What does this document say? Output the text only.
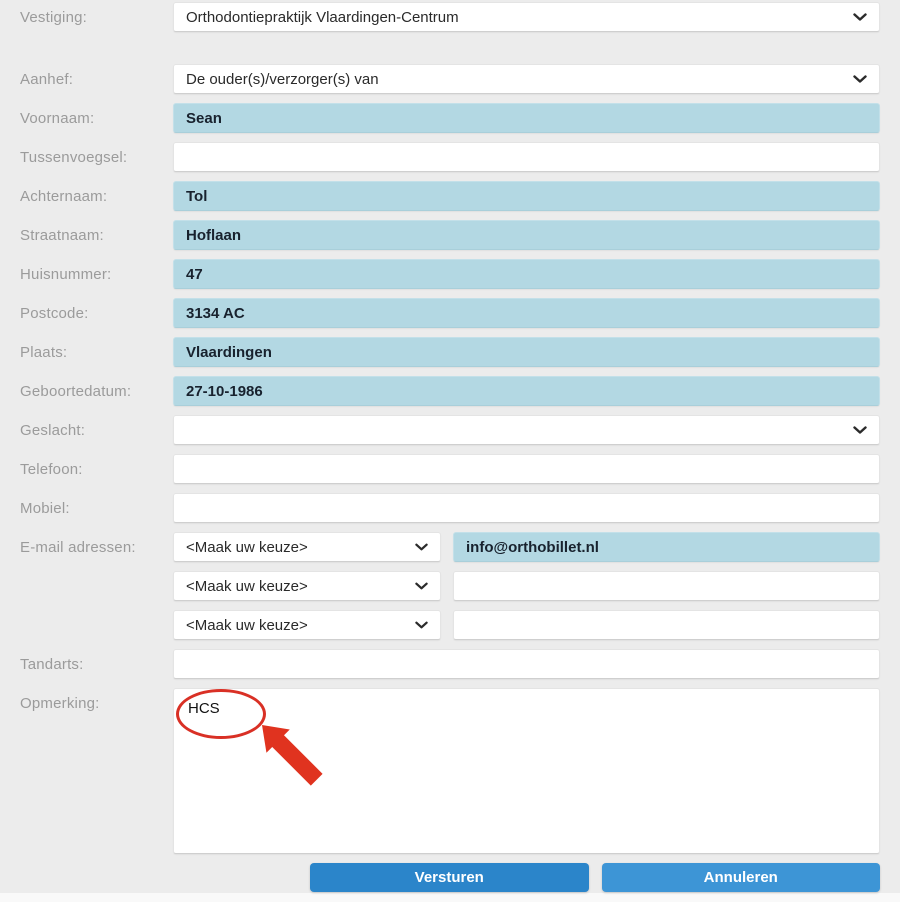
Vestiging:	Orthodontiepraktijk Vlaardingen-Centrum
Aanhef:	De ouder(s)/verzorger(s) van
Voornaam:	Sean
Tussenvoegsel:
Achternaam:	Tol
Straatnaam:	Hoflaan
Huisnummer:	47
Postcode:	3134 AC
Plaats:	Vlaardingen
Geboortedatum:	27-10-1986
Geslacht:
Telefoon:
Mobiel:
E-mail adressen:	<Maak uw keuze>	info@orthobillet.nl
<Maak uw keuze>
<Maak uw keuze>
Tandarts:
Opmerking:	HCS
Versturen	Annuleren
